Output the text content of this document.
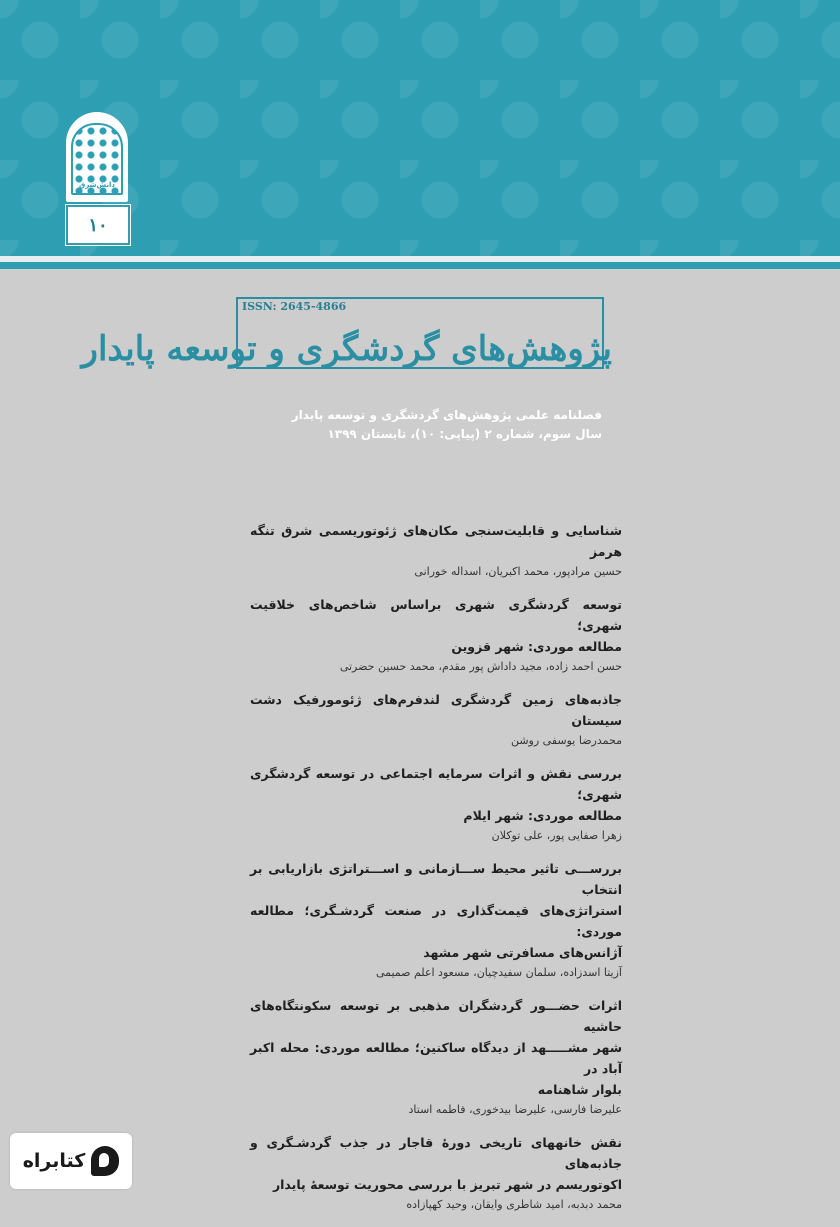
دانش‌شرق
۱۰
ISSN: 2645-4866
پژوهش‌های گردشگری و توسعه پایدار
فصلنامه علمی پژوهش‌های گردشگری و توسعه پایدار
سال سوم، شماره ۲ (پیاپی: ۱۰)، تابستان ۱۳۹۹
شناسایی و قابلیت‌سنجی مکان‌های ژئوتوریسمی شرق تنگه هرمز
حسین مرادپور، محمد اکبریان، اسداله خورانی
توسعه گردشگری شهری براساس شاخص‌های خلاقیت شهری؛
مطالعه موردی: شهر قزوین
حسن احمد زاده، مجید داداش پور مقدم، محمد حسین حضرتی
جاذبه‌های زمین گردشگری لندفرم‌های ژئومورفیک دشت سیستان
محمدرضا یوسفی روشن
بررسی نقش و اثرات سرمایه اجتماعی در توسعه گردشگری شهری؛
مطالعه موردی: شهر ایلام
زهرا صفایی پور، علی توکلان
بررســـی تاثیر محیط ســـازمانی و اســـتراتژی بازاریابی بر انتخاب
استراتژی‌های قیمت‌گذاری در صنعت گردشـگری؛ مطالعه موردی:
آژانس‌های مسافرتی شهر مشهد
آزیتا اسدزاده، سلمان سفیدچیان، مسعود اعلم صمیمی
اثرات حضـــور گردشگران مذهبی بر توسعه سکونتگاه‌های حاشیه
شهر مشـــــهد از دیدگاه ساکنین؛ مطالعه موردی: محله اکبر آباد در
بلوار شاهنامه
علیرضا فارسی، علیرضا بیدخوری، فاطمه استاد
نقش خانههای تاریخی دورهٔ قاجار در جذب گردشـگری و جاذبه‌های
اکوتوریسم در شهر تبریز با بررسی محوریت توسعهٔ پایدار
محمد دبدبه، امید شاطری وایقان، وحید کهپازاده
کتابراه
